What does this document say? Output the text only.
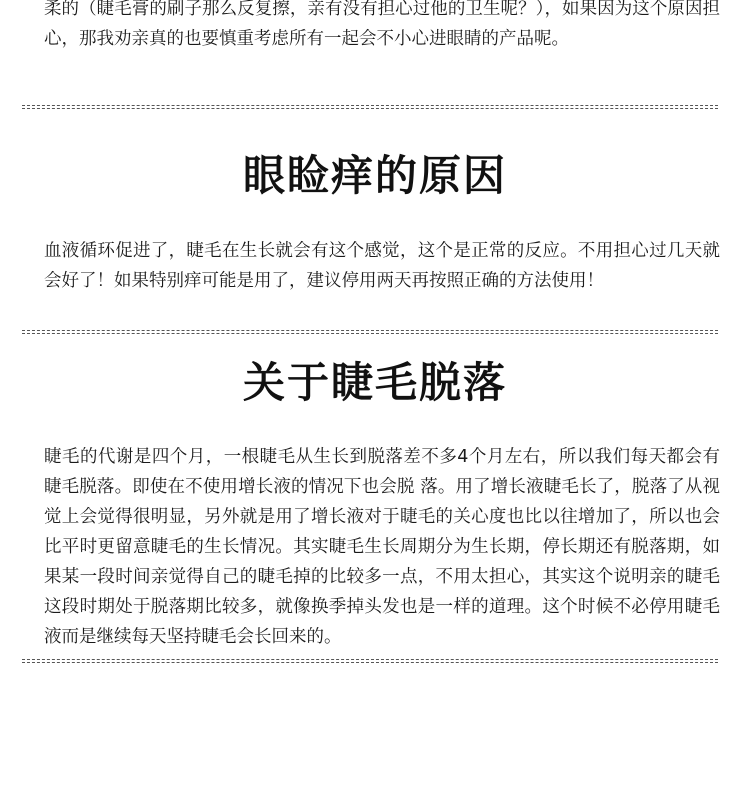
柔的（睫毛膏的刷子那么反复擦，亲有没有担心过他的卫生呢？），如果因为这个原因担心，那我劝亲真的也要慎重考虑所有一起会不小心进眼睛的产品呢。

眼睑痒的原因

血液循环促进了，睫毛在生长就会有这个感觉，这个是正常的反应。不用担心过几天就会好了！如果特别痒可能是用了，建议停用两天再按照正确的方法使用！

关于睫毛脱落

睫毛的代谢是四个月，一根睫毛从生长到脱落差不多4个月左右，所以我们每天都会有睫毛脱落。即使在不使用增长液的情况下也会脱 落。用了增长液睫毛长了，脱落了从视觉上会觉得很明显，另外就是用了增长液对于睫毛的关心度也比以往增加了，所以也会比平时更留意睫毛的生长情况。其实睫毛生长周期分为生长期，停长期还有脱落期，如果某一段时间亲觉得自己的睫毛掉的比较多一点，不用太担心，其实这个说明亲的睫毛这段时期处于脱落期比较多，就像换季掉头发也是一样的道理。这个时候不必停用睫毛液而是继续每天坚持睫毛会长回来的。
